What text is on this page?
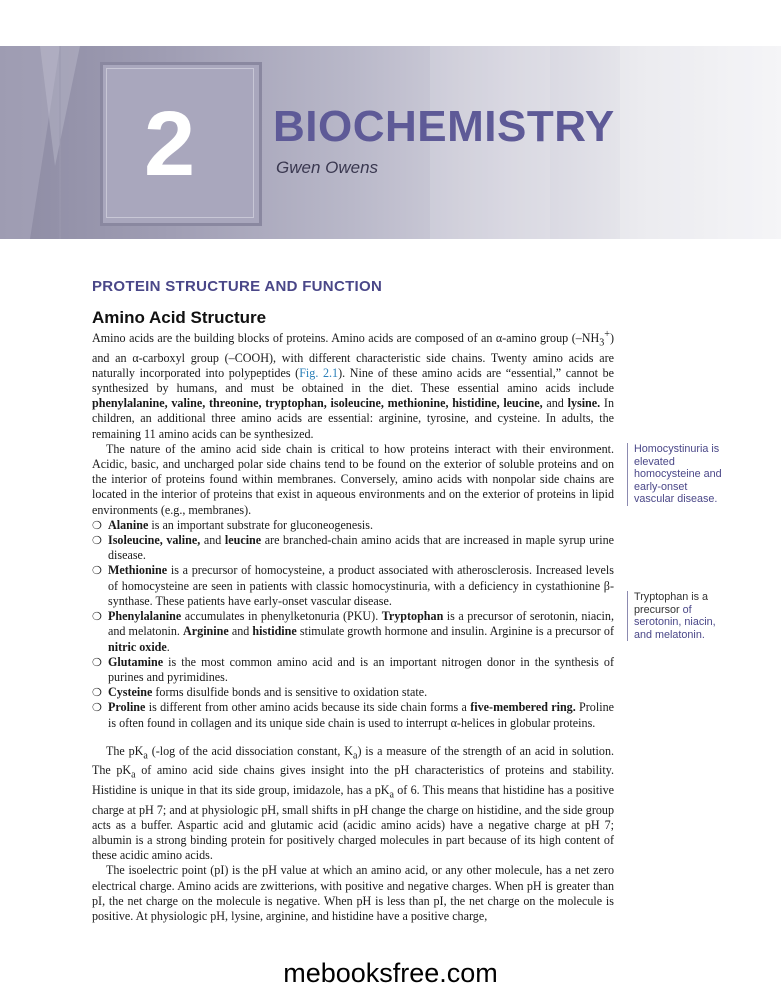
2 BIOCHEMISTRY
Gwen Owens
PROTEIN STRUCTURE AND FUNCTION
Amino Acid Structure

Amino acids are the building blocks of proteins. Amino acids are composed of an α-amino group $(-NH_3^+)$ and an α-carboxyl group (–COOH), with different characteristic side chains. Twenty amino acids are naturally incorporated into polypeptides (Fig. 2.1). Nine of these amino acids are “essential,” cannot be synthesized by humans, and must be obtained in the diet. These essential amino acids include phenylalanine, valine, threonine, tryptophan, isoleucine, methionine, histidine, leucine, and lysine. In children, an additional three amino acids are essential: arginine, tyrosine, and cysteine. In adults, the remaining 11 amino acids can be synthesized.

The nature of the amino acid side chain is critical to how proteins interact with their environment. Acidic, basic, and uncharged polar side chains tend to be found on the exterior of soluble proteins and on the interior of proteins found within membranes. Conversely, amino acids with nonpolar side chains are located in the interior of proteins that exist in aqueous environments and on the exterior of proteins in lipid environments (e.g., membranes).

❍ Alanine is an important substrate for gluconeogenesis.
❍ Isoleucine, valine, and leucine are branched-chain amino acids that are increased in maple syrup urine disease.
❍ Methionine is a precursor of homocysteine, a product associated with atherosclerosis. Increased levels of homocysteine are seen in patients with classic homocystinuria, with a deficiency in cystathionine β-synthase. These patients have early-onset vascular disease.
❍ Phenylalanine accumulates in phenylketonuria (PKU). Tryptophan is a precursor of serotonin, niacin, and melatonin. Arginine and histidine stimulate growth hormone and insulin. Arginine is a precursor of nitric oxide.
❍ Glutamine is the most common amino acid and is an important nitrogen donor in the synthesis of purines and pyrimidines.
❍ Cysteine forms disulfide bonds and is sensitive to oxidation state.
❍ Proline is different from other amino acids because its side chain forms a five-membered ring. Proline is often found in collagen and its unique side chain is used to interrupt α-helices in globular proteins.

The $pK_a$ (-log of the acid dissociation constant, $K_a$) is a measure of the strength of an acid in solution. The $pK_a$ of amino acid side chains gives insight into the pH characteristics of proteins and stability. Histidine is unique in that its side group, imidazole, has a $pK_a$ of 6. This means that histidine has a positive charge at pH 7; and at physiologic pH, small shifts in pH change the charge on histidine, and the side group acts as a buffer. Aspartic acid and glutamic acid (acidic amino acids) have a negative charge at pH 7; albumin is a strong binding protein for positively charged molecules in part because of its high content of these acidic amino acids.

The isoelectric point (pI) is the pH value at which an amino acid, or any other molecule, has a net zero electrical charge. Amino acids are zwitterions, with positive and negative charges. When pH is greater than pI, the net charge on the molecule is negative. When pH is less than pI, the net charge on the molecule is positive. At physiologic pH, lysine, arginine, and histidine have a positive charge,

Homocystinuria is elevated homocysteine and early-onset vascular disease.
Tryptophan is a precursor of serotonin, niacin, and melatonin.
mebooksfree.com
